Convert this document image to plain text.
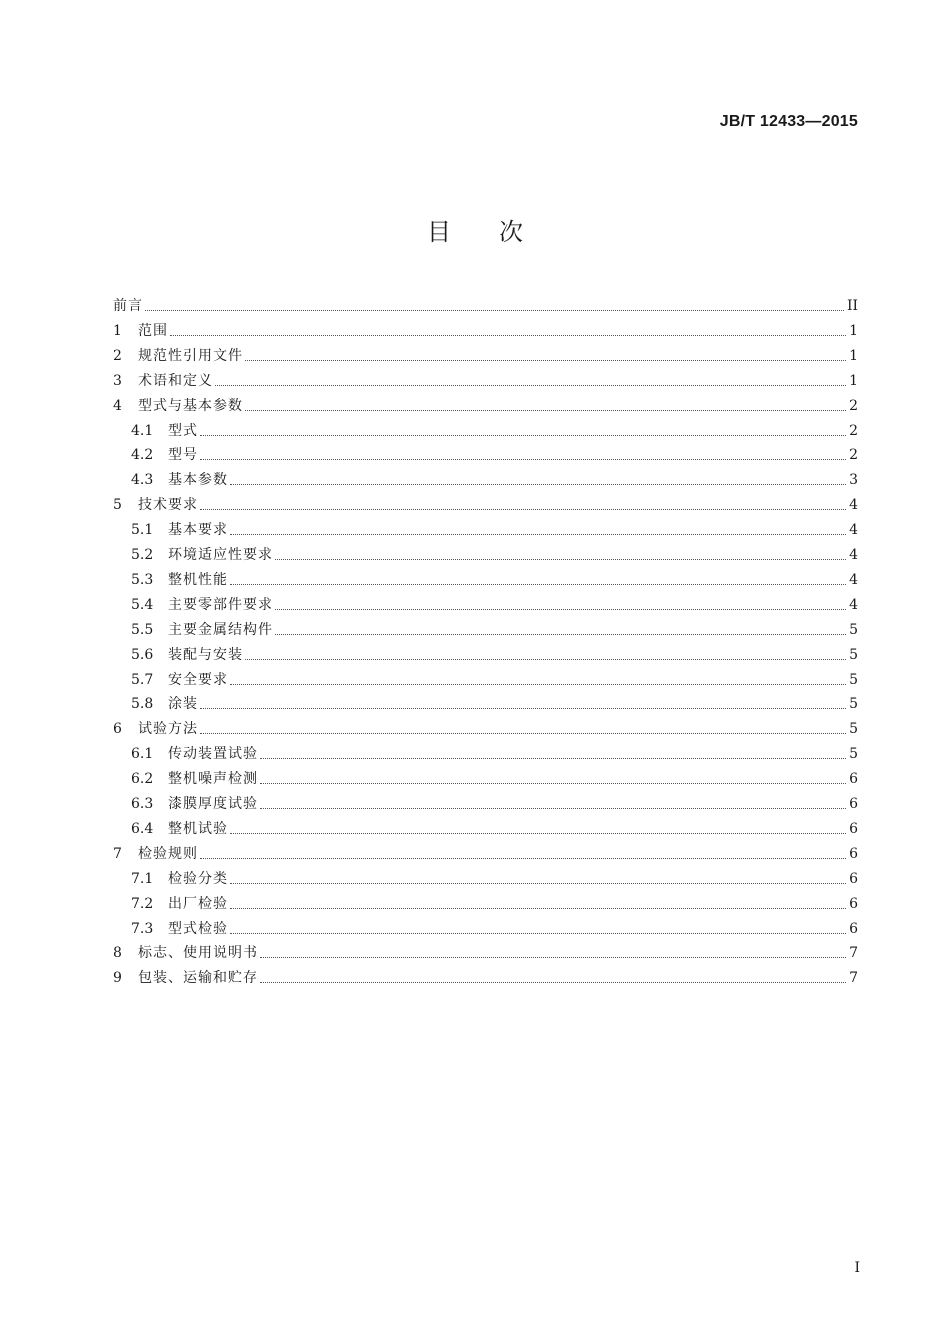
JB/T 12433—2015
目次
前言	II
1	范围	1
2	规范性引用文件	1
3	术语和定义	1
4	型式与基本参数	2
4.1	型式	2
4.2	型号	2
4.3	基本参数	3
5	技术要求	4
5.1	基本要求	4
5.2	环境适应性要求	4
5.3	整机性能	4
5.4	主要零部件要求	4
5.5	主要金属结构件	5
5.6	装配与安装	5
5.7	安全要求	5
5.8	涂装	5
6	试验方法	5
6.1	传动装置试验	5
6.2	整机噪声检测	6
6.3	漆膜厚度试验	6
6.4	整机试验	6
7	检验规则	6
7.1	检验分类	6
7.2	出厂检验	6
7.3	型式检验	6
8	标志、使用说明书	7
9	包装、运输和贮存	7
I
